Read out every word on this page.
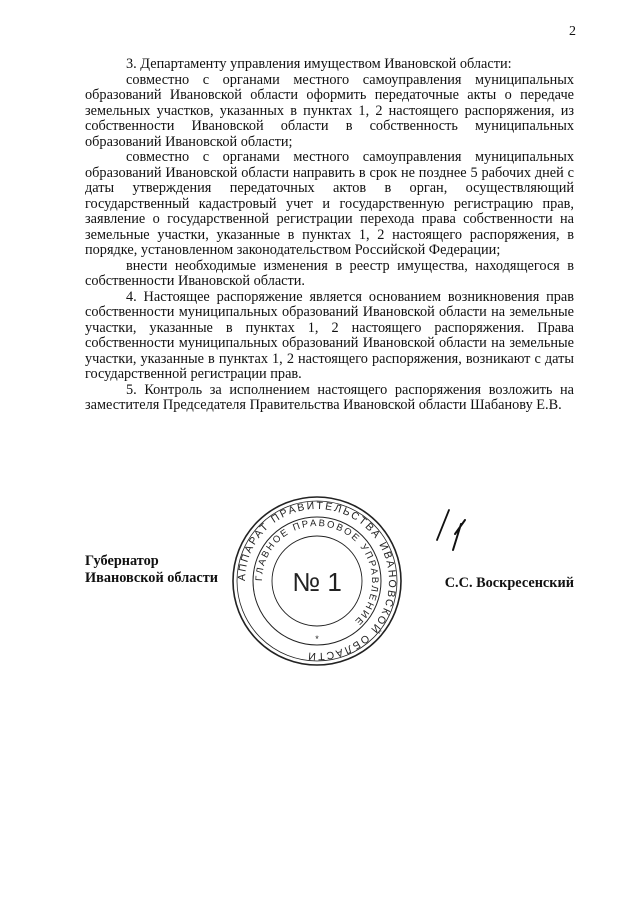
2

3. Департаменту управления имуществом Ивановской области:

совместно с органами местного самоуправления муниципальных образований Ивановской области оформить передаточные акты о передаче земельных участков, указанных в пунктах 1, 2 настоящего распоряжения, из собственности Ивановской области в собственность муниципальных образований Ивановской области;

совместно с органами местного самоуправления муниципальных образований Ивановской области направить в срок не позднее 5 рабочих дней с даты утверждения передаточных актов в орган, осуществляющий государственный кадастровый учет и государственную регистрацию прав, заявление о государственной регистрации перехода права собственности на земельные участки, указанные в пунктах 1, 2 настоящего распоряжения, в порядке, установленном законодательством Российской Федерации;

внести необходимые изменения в реестр имущества, находящегося в собственности Ивановской области.

4. Настоящее распоряжение является основанием возникновения прав собственности муниципальных образований Ивановской области на земельные участки, указанные в пунктах 1, 2 настоящего распоряжения. Права собственности муниципальных образований Ивановской области на земельные участки, указанные в пунктах 1, 2 настоящего распоряжения, возникают с даты государственной регистрации прав.

5. Контроль за исполнением настоящего распоряжения возложить на заместителя Председателя Правительства Ивановской области Шабанову Е.В.

Губернатор
Ивановской области	С.С. Воскресенский
АППАРАТ ПРАВИТЕЛЬСТВА ИВАНОВСКОЙ ОБЛАСТИ
ГЛАВНОЕ ПРАВОВОЕ УПРАВЛЕНИЕ
№ 1
*
